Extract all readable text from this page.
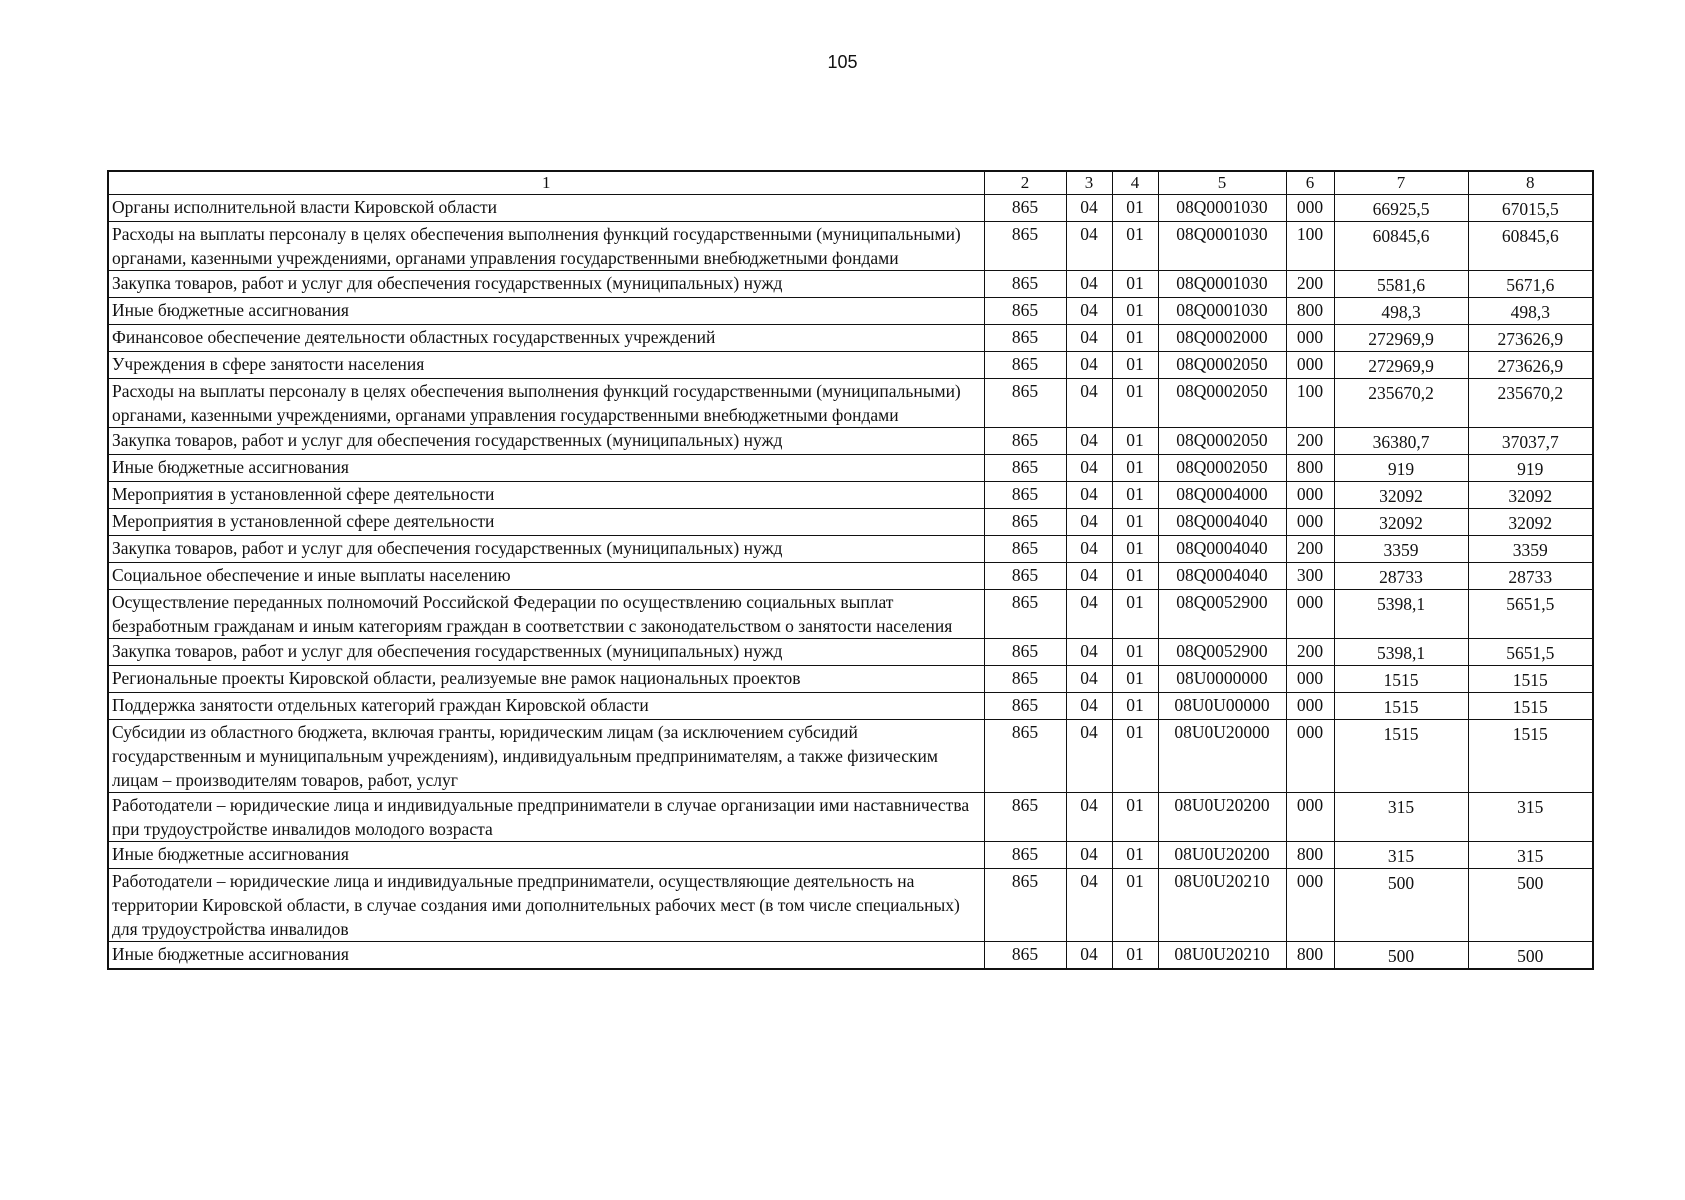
105
1	2	3	4	5	6	7	8
Органы исполнительной власти Кировской области	865	04	01	08Q0001030	000	66925,5	67015,5
Расходы на выплаты персоналу в целях обеспечения выполнения функций государственными (муниципальными) органами, казенными учреждениями, органами управления государственными внебюджетными фондами	865	04	01	08Q0001030	100	60845,6	60845,6
Закупка товаров, работ и услуг для обеспечения государственных (муниципальных) нужд	865	04	01	08Q0001030	200	5581,6	5671,6
Иные бюджетные ассигнования	865	04	01	08Q0001030	800	498,3	498,3
Финансовое обеспечение деятельности областных государственных учреждений	865	04	01	08Q0002000	000	272969,9	273626,9
Учреждения в сфере занятости населения	865	04	01	08Q0002050	000	272969,9	273626,9
Расходы на выплаты персоналу в целях обеспечения выполнения функций государственными (муниципальными) органами, казенными учреждениями, органами управления государственными внебюджетными фондами	865	04	01	08Q0002050	100	235670,2	235670,2
Закупка товаров, работ и услуг для обеспечения государственных (муниципальных) нужд	865	04	01	08Q0002050	200	36380,7	37037,7
Иные бюджетные ассигнования	865	04	01	08Q0002050	800	919	919
Мероприятия в установленной сфере деятельности	865	04	01	08Q0004000	000	32092	32092
Мероприятия в установленной сфере деятельности	865	04	01	08Q0004040	000	32092	32092
Закупка товаров, работ и услуг для обеспечения государственных (муниципальных) нужд	865	04	01	08Q0004040	200	3359	3359
Социальное обеспечение и иные выплаты населению	865	04	01	08Q0004040	300	28733	28733
Осуществление переданных полномочий Российской Федерации по осуществлению социальных выплат безработным гражданам и иным категориям граждан в соответствии с законодательством о занятости населения	865	04	01	08Q0052900	000	5398,1	5651,5
Закупка товаров, работ и услуг для обеспечения государственных (муниципальных) нужд	865	04	01	08Q0052900	200	5398,1	5651,5
Региональные проекты Кировской области, реализуемые вне рамок национальных проектов	865	04	01	08U0000000	000	1515	1515
Поддержка занятости отдельных категорий граждан Кировской области	865	04	01	08U0U00000	000	1515	1515
Субсидии из областного бюджета, включая гранты, юридическим лицам (за исключением субсидий государственным и муниципальным учреждениям), индивидуальным предпринимателям, а также физическим лицам – производителям товаров, работ, услуг	865	04	01	08U0U20000	000	1515	1515
Работодатели – юридические лица и индивидуальные предприниматели в случае организации ими наставничества при трудоустройстве инвалидов молодого возраста	865	04	01	08U0U20200	000	315	315
Иные бюджетные ассигнования	865	04	01	08U0U20200	800	315	315
Работодатели – юридические лица и индивидуальные предприниматели, осуществляющие деятельность на территории Кировской области, в случае создания ими дополнительных рабочих мест (в том числе специальных) для трудоустройства инвалидов	865	04	01	08U0U20210	000	500	500
Иные бюджетные ассигнования	865	04	01	08U0U20210	800	500	500
